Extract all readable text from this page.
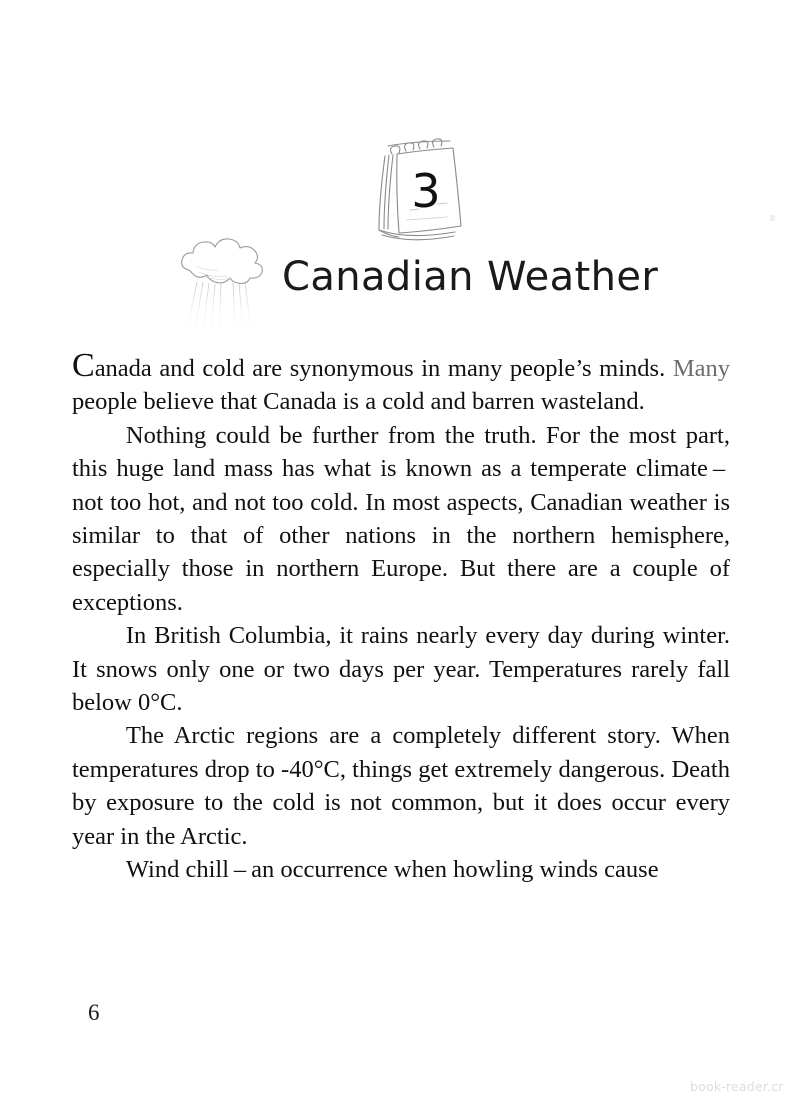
3
Canadian Weather

Canada and cold are synonymous in many people’s minds. Many people believe that Canada is a cold and barren wasteland.

Nothing could be further from the truth. For the most part, this huge land mass has what is known as a temperate climate – not too hot, and not too cold. In most aspects, Canadian weather is similar to that of other nations in the northern hemisphere, especially those in northern Europe. But there are a couple of exceptions.

In British Columbia, it rains nearly every day during winter. It snows only one or two days per year. Temperatures rarely fall below 0°C.

The Arctic regions are a completely different story. When temperatures drop to -40°C, things get extremely dangerous. Death by exposure to the cold is not common, but it does occur every year in the Arctic.

Wind chill – an occurrence when howling winds cause

6
book-reader.cr
